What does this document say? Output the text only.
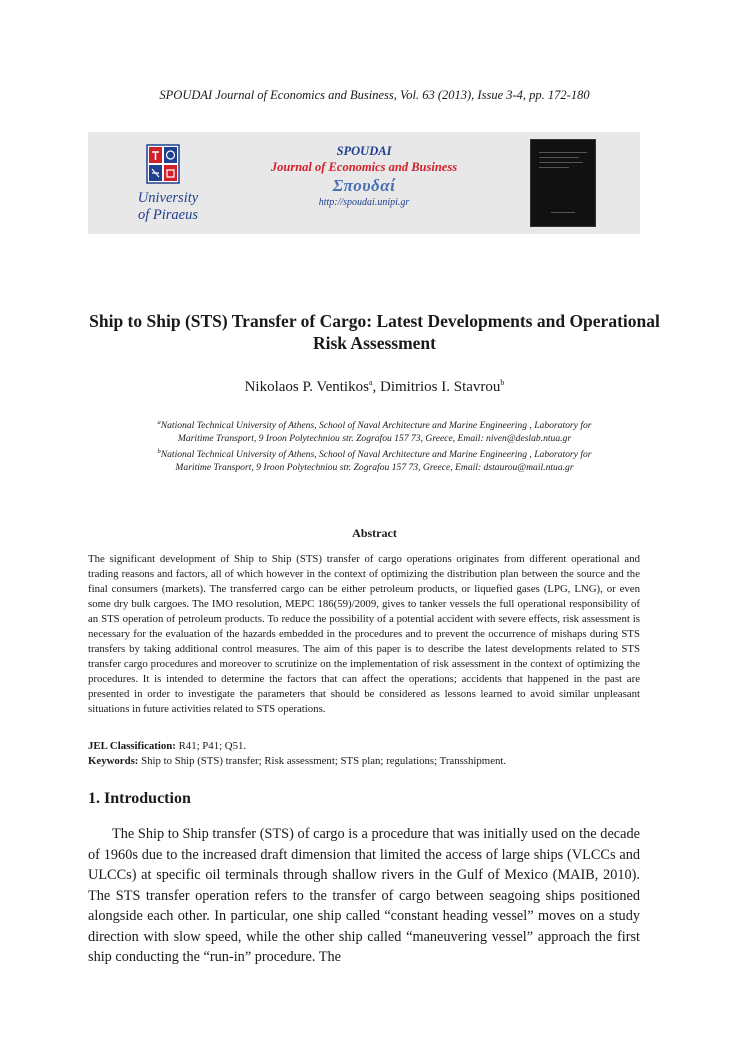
SPOUDAI Journal of Economics and Business, Vol. 63 (2013), Issue 3-4, pp. 172-180
University
of Piraeus
SPOUDAI
Journal of Economics and Business
Σπουδαί
http://spoudai.unipi.gr
Ship to Ship (STS) Transfer of Cargo: Latest Developments and Operational Risk Assessment
Nikolaos P. Ventikos$^a$, Dimitrios I. Stavrou$^b$
$^a$National Technical University of Athens, School of Naval Architecture and Marine Engineering , Laboratory for Maritime Transport, 9 Iroon Polytechniou str. Zografou 157 73, Greece, Email: niven@deslab.ntua.gr
$^b$National Technical University of Athens, School of Naval Architecture and Marine Engineering , Laboratory for Maritime Transport, 9 Iroon Polytechniou str. Zografou 157 73, Greece, Email: dstaurou@mail.ntua.gr
Abstract
The significant development of Ship to Ship (STS) transfer of cargo operations originates from different operational and trading reasons and factors, all of which however in the context of optimizing the distribution plan between the source and the final consumers (markets). The transferred cargo can be either petroleum products, or liquefied gases (LPG, LNG), or even some dry bulk cargoes. The IMO resolution, MEPC 186(59)/2009, gives to tanker vessels the full operational responsibility of an STS operation of petroleum products. To reduce the possibility of a potential accident with severe effects, risk assessment is necessary for the evaluation of the hazards embedded in the procedures and to prevent the occurrence of mishaps during STS transfers by taking additional control measures. The aim of this paper is to describe the latest developments related to STS transfer cargo procedures and moreover to scrutinize on the implementation of risk assessment in the context of optimizing the procedures. It is intended to determine the factors that can affect the operations; accidents that happened in the past are presented in order to investigate the parameters that should be considered as lessons learned to avoid similar unpleasant situations in future activities related to STS operations.
JEL Classification: R41; P41; Q51.
Keywords: Ship to Ship (STS) transfer; Risk assessment; STS plan; regulations; Transshipment.
1. Introduction
The Ship to Ship transfer (STS) of cargo is a procedure that was initially used on the decade of 1960s due to the increased draft dimension that limited the access of large ships (VLCCs and ULCCs) at specific oil terminals through shallow rivers in the Gulf of Mexico (MAIB, 2010). The STS transfer operation refers to the transfer of cargo between seagoing ships positioned alongside each other. In particular, one ship called “constant heading vessel” moves on a study direction with slow speed, while the other ship called “maneuvering vessel” approach the first ship conducting the “run-in” procedure. The
